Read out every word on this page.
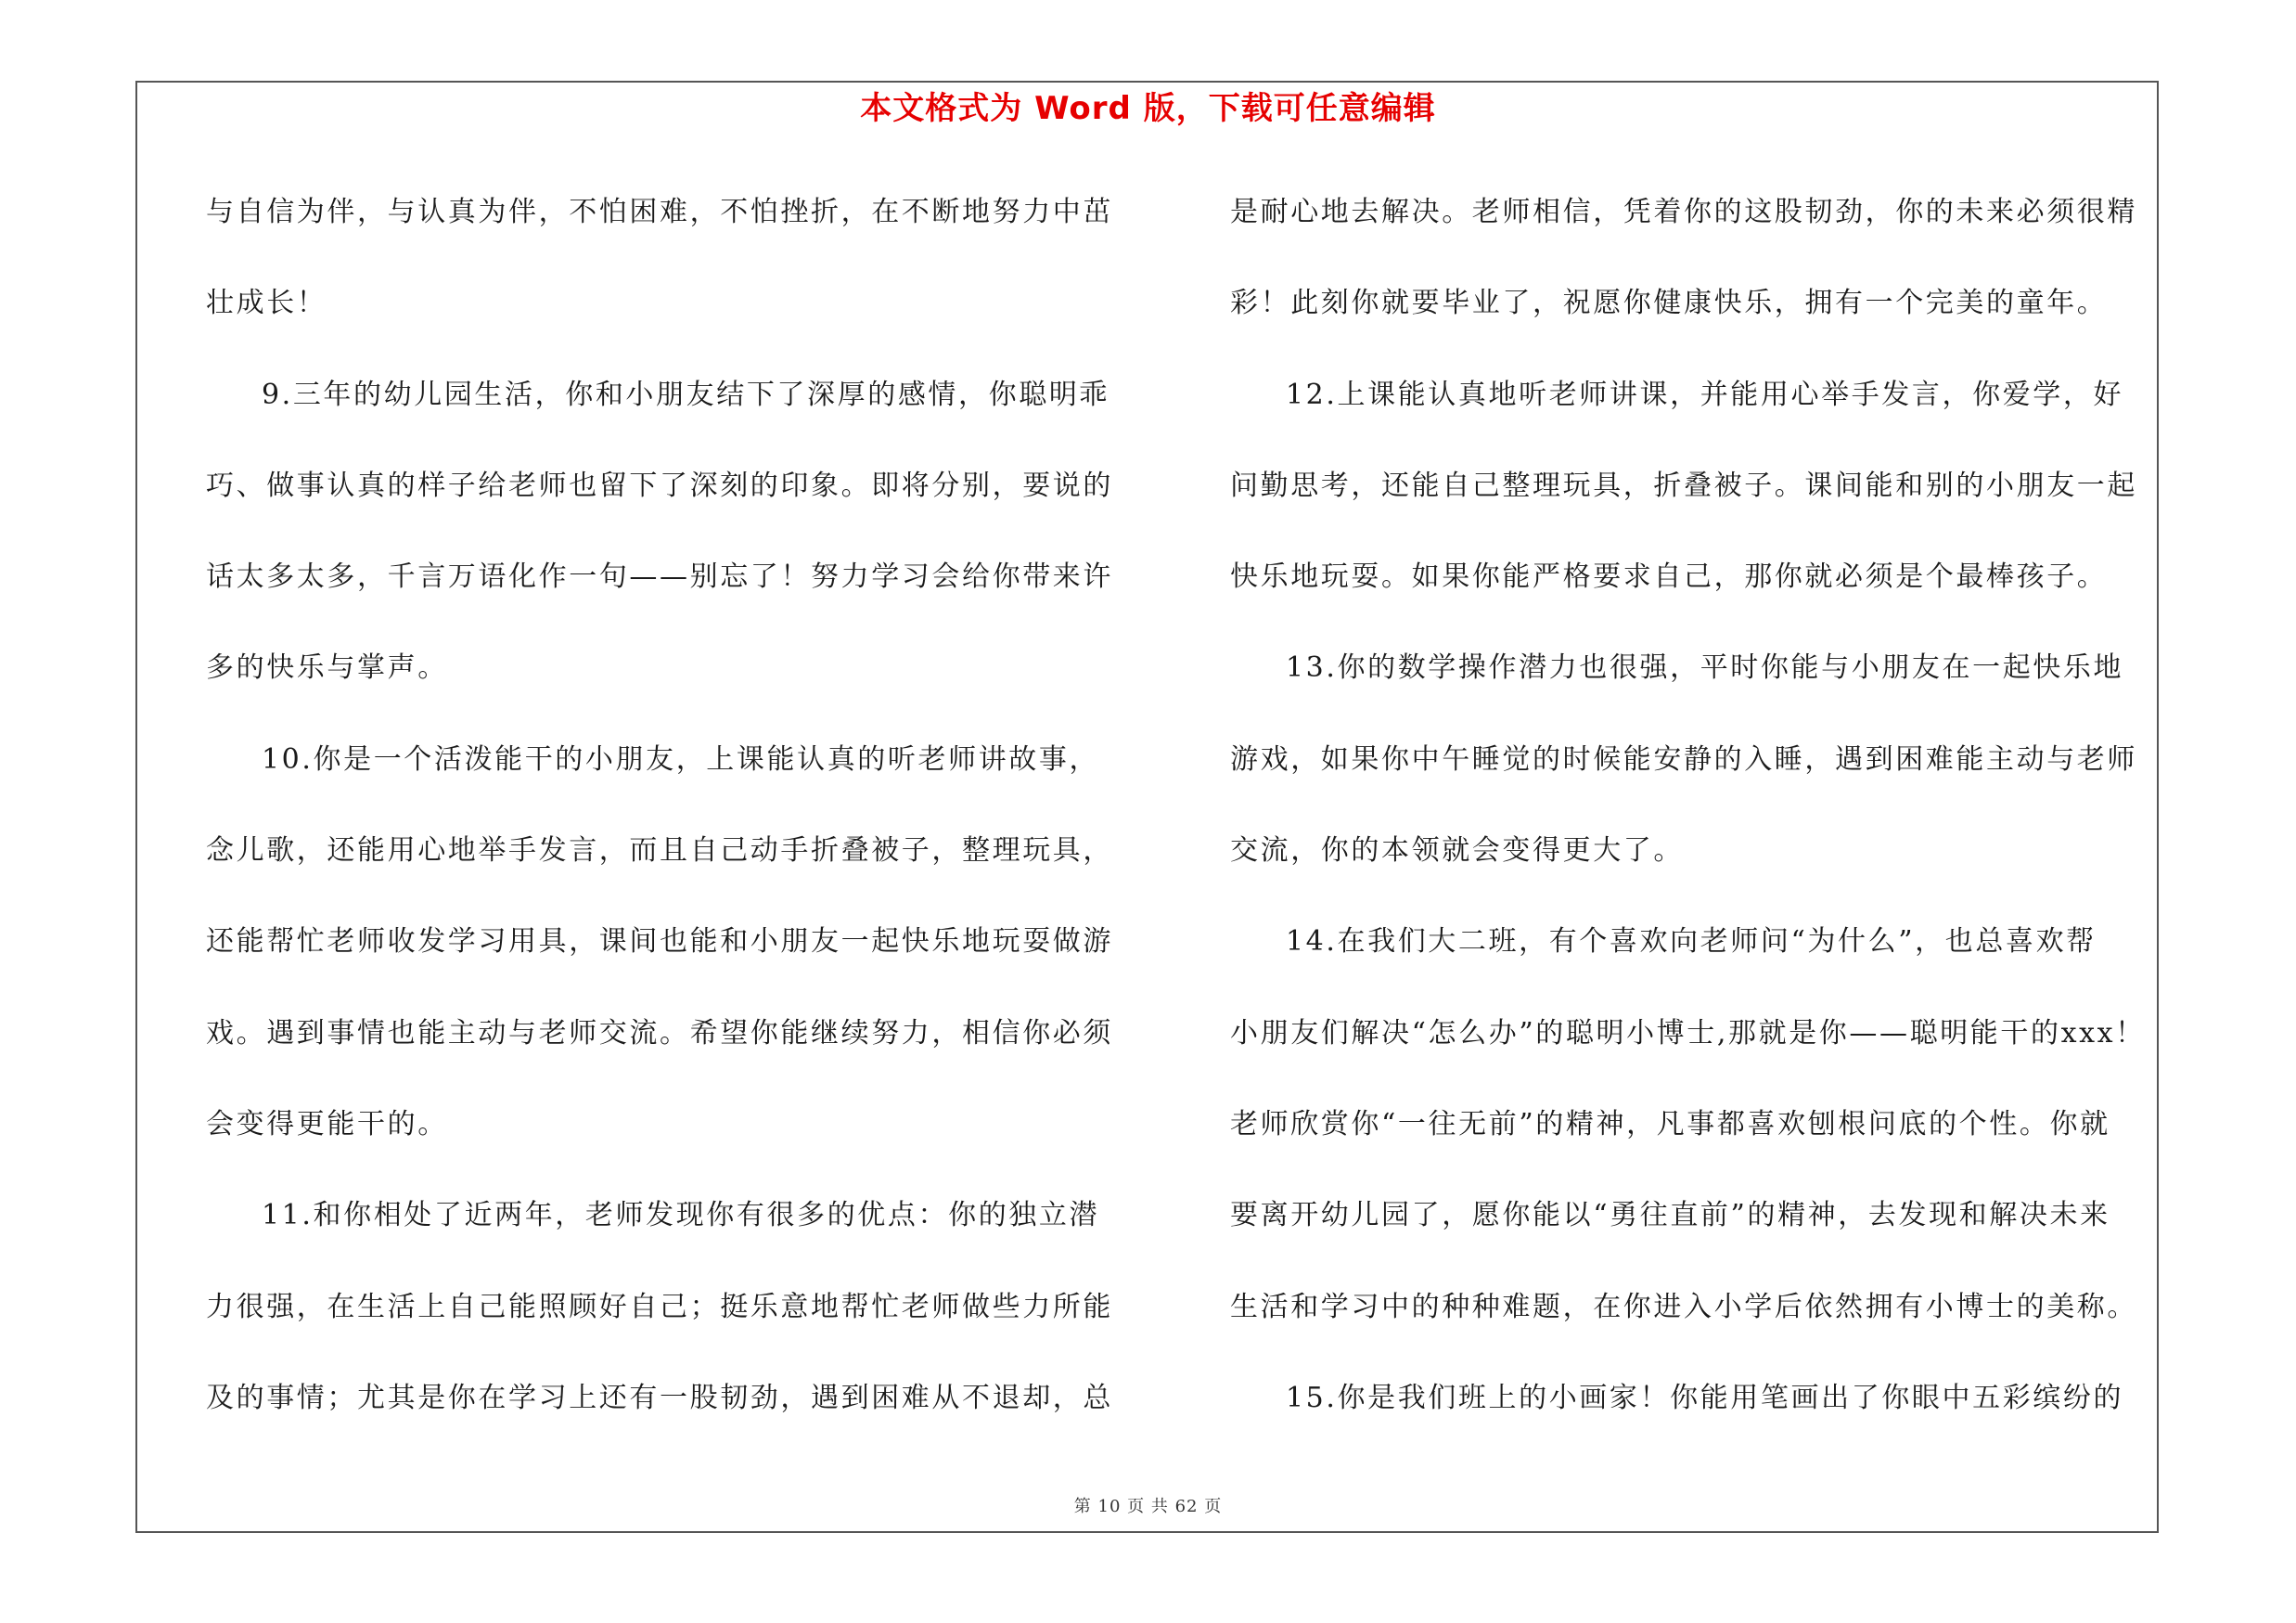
本文格式为 Word 版，下载可任意编辑
与自信为伴，与认真为伴，不怕困难，不怕挫折，在不断地努力中茁
壮成长！
9.三年的幼儿园生活，你和小朋友结下了深厚的感情，你聪明乖
巧、做事认真的样子给老师也留下了深刻的印象。即将分别，要说的
话太多太多，千言万语化作一句——别忘了！努力学习会给你带来许
多的快乐与掌声。
10.你是一个活泼能干的小朋友，上课能认真的听老师讲故事，
念儿歌，还能用心地举手发言，而且自己动手折叠被子，整理玩具，
还能帮忙老师收发学习用具，课间也能和小朋友一起快乐地玩耍做游
戏。遇到事情也能主动与老师交流。希望你能继续努力，相信你必须
会变得更能干的。
11.和你相处了近两年，老师发现你有很多的优点：你的独立潜
力很强，在生活上自己能照顾好自己；挺乐意地帮忙老师做些力所能
及的事情；尤其是你在学习上还有一股韧劲，遇到困难从不退却，总
是耐心地去解决。老师相信，凭着你的这股韧劲，你的未来必须很精
彩！此刻你就要毕业了，祝愿你健康快乐，拥有一个完美的童年。
12.上课能认真地听老师讲课，并能用心举手发言，你爱学，好
问勤思考，还能自己整理玩具，折叠被子。课间能和别的小朋友一起
快乐地玩耍。如果你能严格要求自己，那你就必须是个最棒孩子。
13.你的数学操作潜力也很强，平时你能与小朋友在一起快乐地
游戏，如果你中午睡觉的时候能安静的入睡，遇到困难能主动与老师
交流，你的本领就会变得更大了。
14.在我们大二班，有个喜欢向老师问“为什么”，也总喜欢帮
小朋友们解决“怎么办”的聪明小博士,那就是你——聪明能干的xxx！
老师欣赏你“一往无前”的精神，凡事都喜欢刨根问底的个性。你就
要离开幼儿园了，愿你能以“勇往直前”的精神，去发现和解决未来
生活和学习中的种种难题，在你进入小学后依然拥有小博士的美称。
15.你是我们班上的小画家！你能用笔画出了你眼中五彩缤纷的
第 10 页 共 62 页
